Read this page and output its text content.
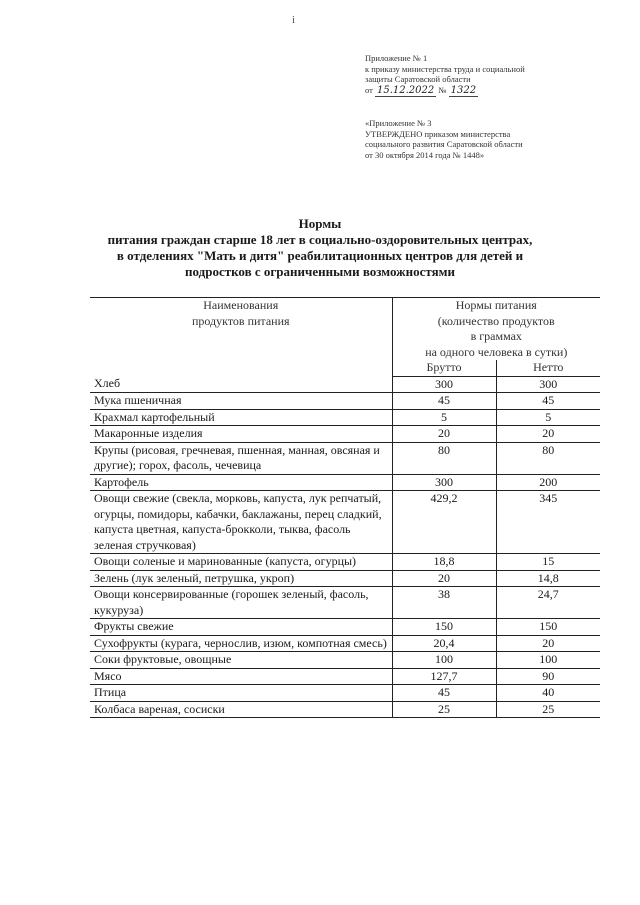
i
Приложение № 1
к приказу министерства труда и социальной
защиты Саратовской области
от 15.12.2022 № 1322
«Приложение № 3
УТВЕРЖДЕНО приказом министерства
социального развития Саратовской области
от 30 октября 2014 года № 1448»
Нормы
питания граждан старше 18 лет в социально-оздоровительных центрах,
в отделениях "Мать и дитя" реабилитационных центров для детей и
подростков с ограниченными возможностями
Наименования
продуктов питания	Нормы питания
(количество продуктов
в граммах
на одного человека в сутки)	

	Брутто	Нетто
Хлеб	300	300
Мука пшеничная	45	45
Крахмал картофельный	5	5
Макаронные изделия	20	20
Крупы (рисовая, гречневая, пшенная, манная, овсяная и другие); горох, фасоль, чечевица	80	80
Картофель	300	200
Овощи свежие (свекла, морковь, капуста, лук репчатый, огурцы, помидоры, кабачки, баклажаны, перец сладкий, капуста цветная, капуста-брокколи, тыква, фасоль зеленая стручковая)	429,2	345
Овощи соленые и маринованные (капуста, огурцы)	18,8	15
Зелень (лук зеленый, петрушка, укроп)	20	14,8
Овощи консервированные (горошек зеленый, фасоль, кукуруза)	38	24,7
Фрукты свежие	150	150
Сухофрукты (курага, чернослив, изюм, компотная смесь)	20,4	20
Соки фруктовые, овощные	100	100
Мясо	127,7	90
Птица	45	40
Колбаса вареная, сосиски	25	25
